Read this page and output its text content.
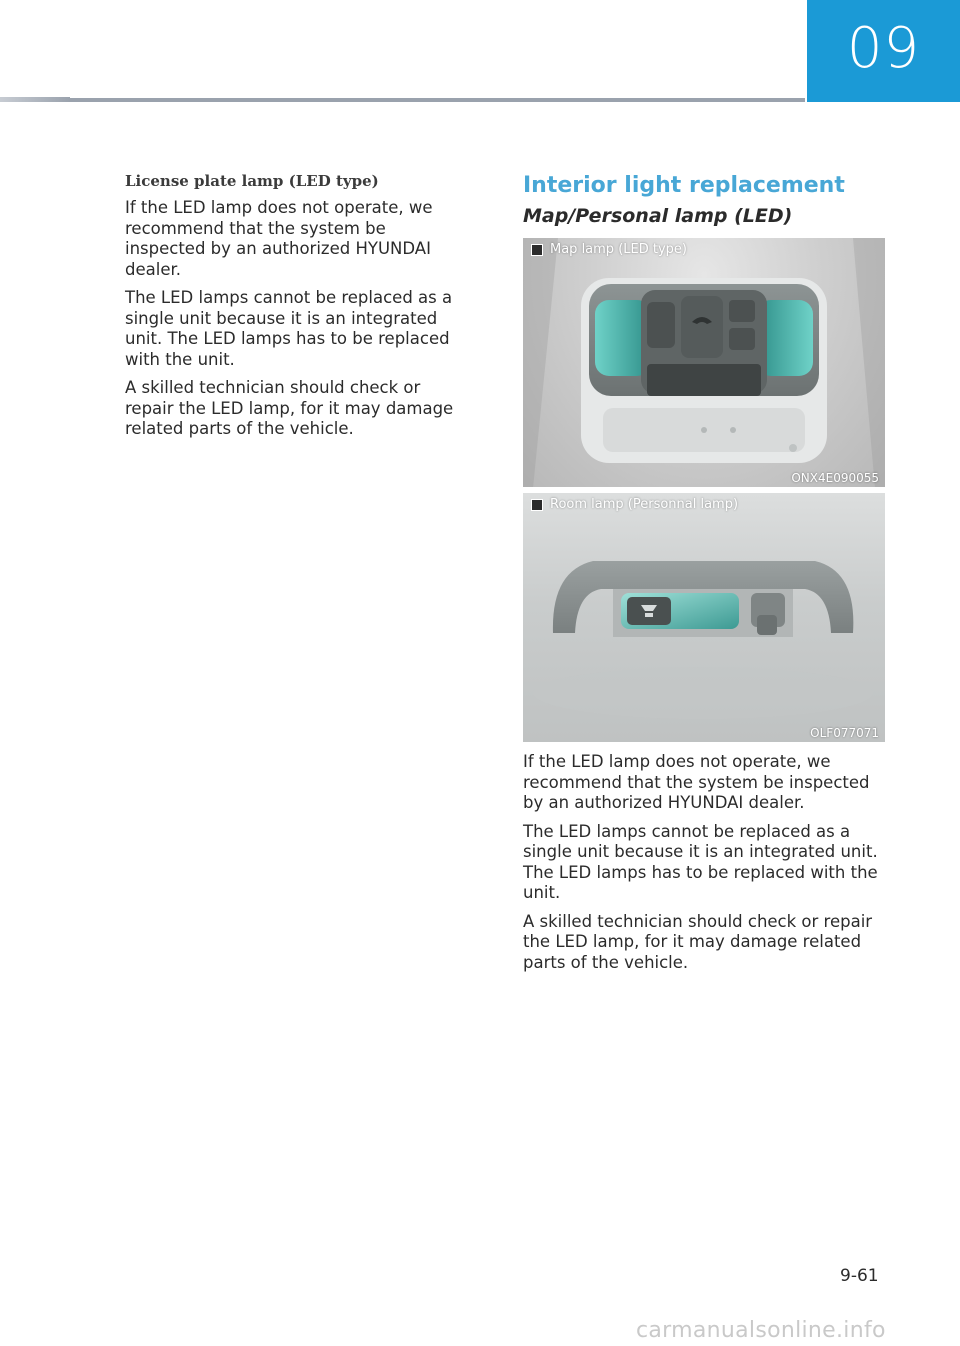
09
License plate lamp (LED type)

If the LED lamp does not operate, we recommend that the system be inspected by an authorized HYUNDAI dealer.

The LED lamps cannot be replaced as a single unit because it is an integrated unit. The LED lamps has to be replaced with the unit.

A skilled technician should check or repair the LED lamp, for it may damage related parts of the vehicle.

Interior light replacement
Map/Personal lamp (LED)
Map lamp (LED type)
ONX4E090055
Room lamp (Personnal lamp)
OLF077071

If the LED lamp does not operate, we recommend that the system be inspected by an authorized HYUNDAI dealer.

The LED lamps cannot be replaced as a single unit because it is an integrated unit. The LED lamps has to be replaced with the unit.

A skilled technician should check or repair the LED lamp, for it may damage related parts of the vehicle.

9-61
carmanualsonline.info
